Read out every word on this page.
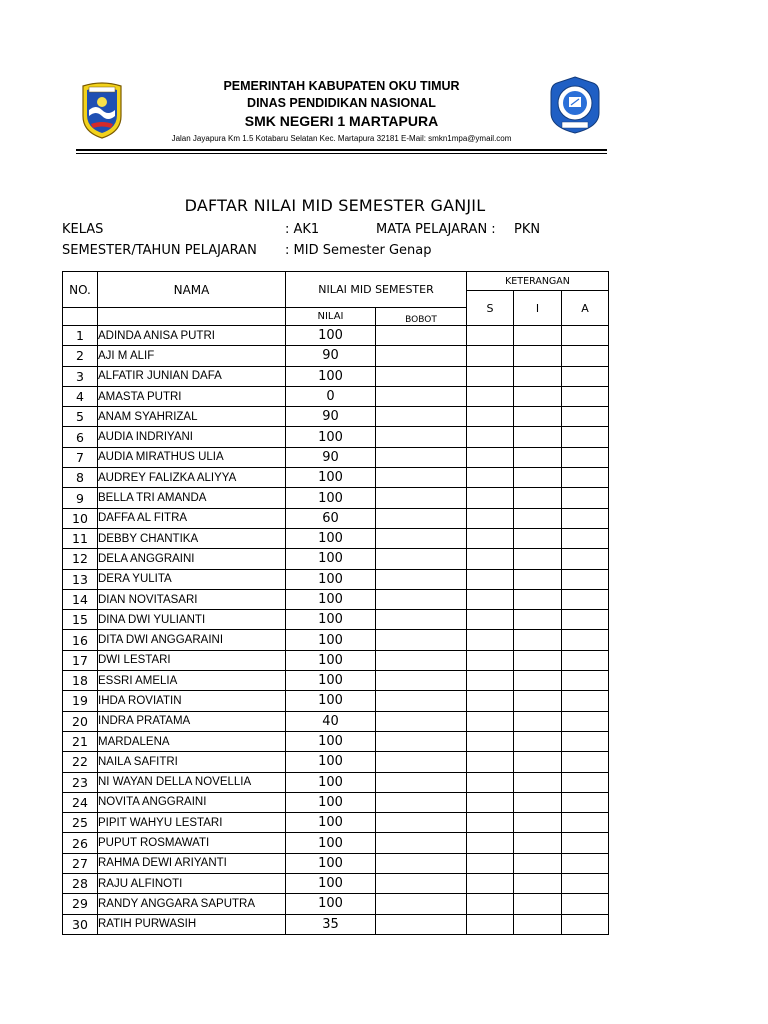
PEMERINTAH KABUPATEN OKU TIMUR
DINAS PENDIDIKAN NASIONAL
SMK NEGERI 1 MARTAPURA
Jalan Jayapura Km 1.5 Kotabaru Selatan Kec. Martapura 32181 E-Mail: smkn1mpa@ymail.com
DAFTAR NILAI MID SEMESTER GANJIL
KELAS	: AK1	MATA PELAJARAN : PKN
SEMESTER/TAHUN PELAJARAN : MID Semester Genap
NO.	NAMA	NILAI MID SEMESTER		KETERANGAN		
				S	I	A
		NILAI	BOBOT			
1	ADINDA ANISA PUTRI	100				
2	AJI M ALIF	90				
3	ALFATIR JUNIAN DAFA	100				
4	AMASTA PUTRI	0				
5	ANAM SYAHRIZAL	90				
6	AUDIA INDRIYANI	100				
7	AUDIA MIRATHUS ULIA	90				
8	AUDREY FALIZKA ALIYYA	100				
9	BELLA TRI AMANDA	100				
10	DAFFA AL FITRA	60				
11	DEBBY CHANTIKA	100				
12	DELA ANGGRAINI	100				
13	DERA YULITA	100				
14	DIAN NOVITASARI	100				
15	DINA DWI YULIANTI	100				
16	DITA DWI ANGGARAINI	100				
17	DWI LESTARI	100				
18	ESSRI AMELIA	100				
19	IHDA ROVIATIN	100				
20	INDRA PRATAMA	40				
21	MARDALENA	100				
22	NAILA SAFITRI	100				
23	NI WAYAN DELLA NOVELLIA	100				
24	NOVITA ANGGRAINI	100				
25	PIPIT WAHYU LESTARI	100				
26	PUPUT ROSMAWATI	100				
27	RAHMA DEWI ARIYANTI	100				
28	RAJU ALFINOTI	100				
29	RANDY ANGGARA SAPUTRA	100				
30	RATIH PURWASIH	35				
